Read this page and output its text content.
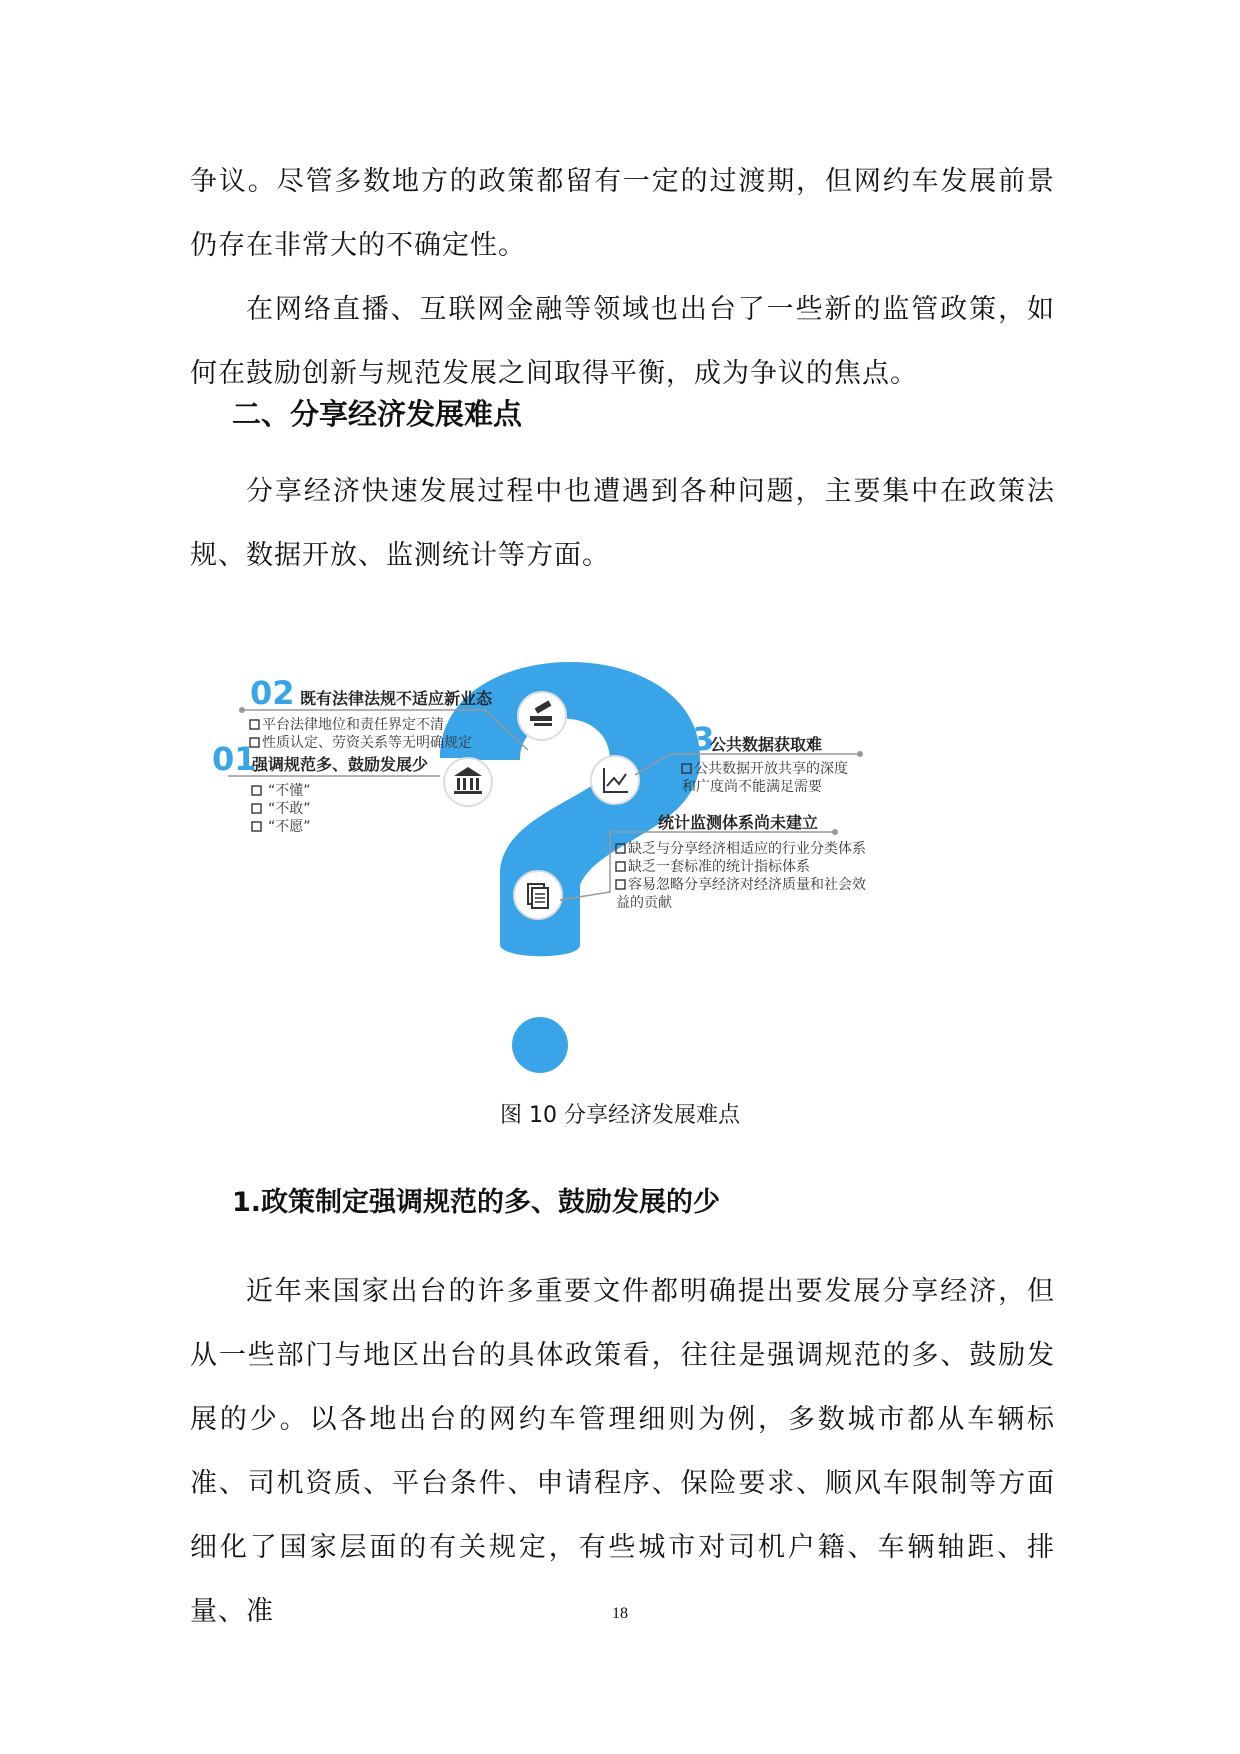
争议。尽管多数地方的政策都留有一定的过渡期，但网约车发展前景仍存在非常大的不确定性。

在网络直播、互联网金融等领域也出台了一些新的监管政策，如何在鼓励创新与规范发展之间取得平衡，成为争议的焦点。

二、分享经济发展难点

分享经济快速发展过程中也遭遇到各种问题，主要集中在政策法规、数据开放、监测统计等方面。

02 既有法律法规不适应新业态
平台法律地位和责任界定不清
性质认定、劳资关系等无明确规定
01
强调规范多、鼓励发展少
“不懂”
“不敢”
“不愿”
03
公共数据获取难
公共数据开放共享的深度
和广度尚不能满足需要
04 统计监测体系尚未建立
缺乏与分享经济相适应的行业分类体系
缺乏一套标准的统计指标体系
容易忽略分享经济对经济质量和社会效
益的贡献
图 10 分享经济发展难点
1.政策制定强调规范的多、鼓励发展的少

近年来国家出台的许多重要文件都明确提出要发展分享经济，但从一些部门与地区出台的具体政策看，往往是强调规范的多、鼓励发展的少。以各地出台的网约车管理细则为例，多数城市都从车辆标准、司机资质、平台条件、申请程序、保险要求、顺风车限制等方面细化了国家层面的有关规定，有些城市对司机户籍、车辆轴距、排量、准	18
